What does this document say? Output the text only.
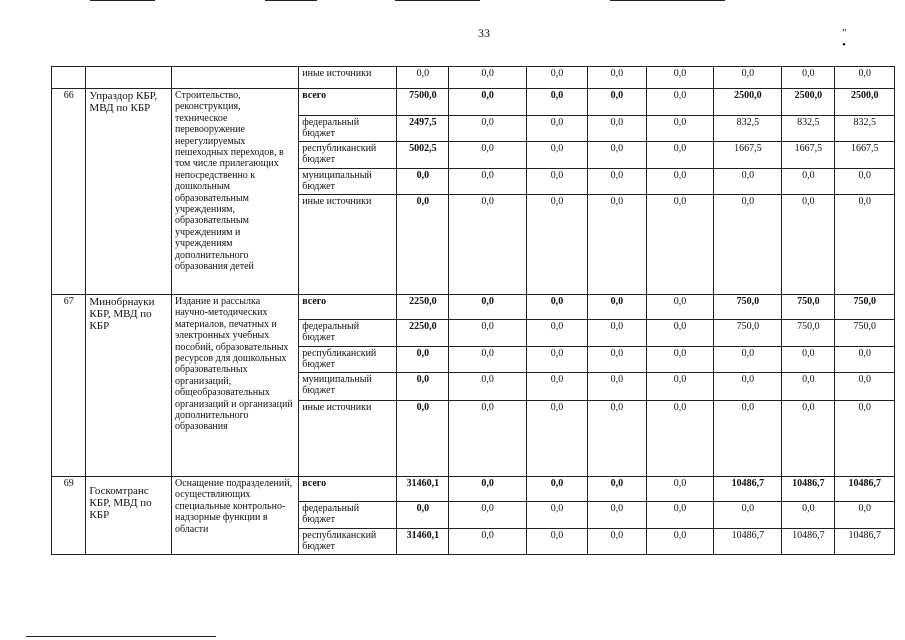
33	" •
			иные источники	0,0	0,0	0,0	0,0	0,0	0,0	0,0	0,0
66	Упраздор КБР, МВД по КБР	Строительство, реконструкция, техническое перевооружение нерегулируемых пешеходных переходов, в том числе прилегающих непосредственно к дошкольным образовательным учреждениям, образовательным учреждениям и учреждениям дополнительного образования детей	всего	7500,0	0,0	0,0	0,0	0,0	2500,0	2500,0	2500,0
			федеральный бюджет	2497,5	0,0	0,0	0,0	0,0	832,5	832,5	832,5
			республиканский бюджет	5002,5	0,0	0,0	0,0	0,0	1667,5	1667,5	1667,5
			муниципальный бюджет	0,0	0,0	0,0	0,0	0,0	0,0	0,0	0,0
			иные источники	0,0	0,0	0,0	0,0	0,0	0,0	0,0	0,0
67	Минобрнауки КБР, МВД по КБР	Издание и рассылка научно-методических материалов, печатных и электронных учебных пособий, образовательных ресурсов для дошкольных образовательных организаций, общеобразовательных организаций и организаций дополнительного образования	всего	2250,0	0,0	0,0	0,0	0,0	750,0	750,0	750,0
			федеральный бюджет	2250,0	0,0	0,0	0,0	0,0	750,0	750,0	750,0
			республиканский бюджет	0,0	0,0	0,0	0,0	0,0	0,0	0,0	0,0
			муниципальный бюджет	0,0	0,0	0,0	0,0	0,0	0,0	0,0	0,0
			иные источники	0,0	0,0	0,0	0,0	0,0	0,0	0,0	0,0
69	Госкомтранс КБР, МВД по КБР	Оснащение подразделений, осуществляющих специальные контрольно-надзорные функции в области	всего	31460,1	0,0	0,0	0,0	0,0	10486,7	10486,7	10486,7
			федеральный бюджет	0,0	0,0	0,0	0,0	0,0	0,0	0,0	0,0
			республиканский бюджет	31460,1	0,0	0,0	0,0	0,0	10486,7	10486,7	10486,7
